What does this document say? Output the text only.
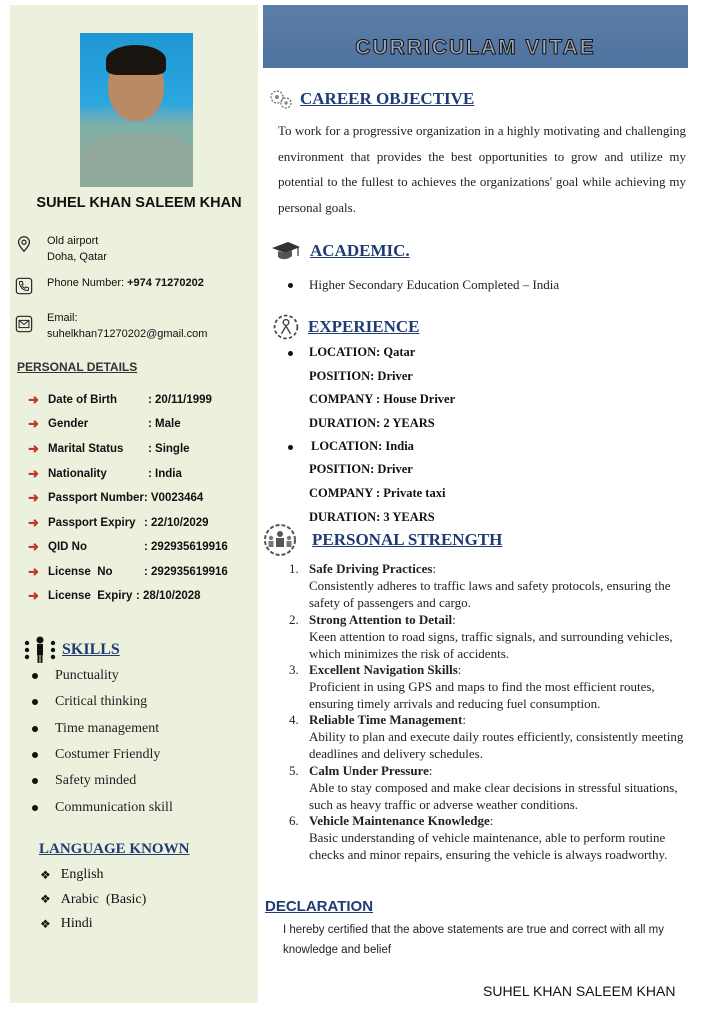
SUHEL KHAN SALEEM KHAN
Old airport
Doha, Qatar
Phone Number: +974 71270202
Email:
suhelkhan71270202@gmail.com
PERSONAL DETAILS
➜ Date of Birth	: 20/11/1999
➜ Gender	: Male
➜ Marital Status	: Single
➜ Nationality	: India
➜ Passport Number:
V0023464
➜ Passport Expiry : 22/10/2029
➜ QID No	: 292935619916
➜ License  No	: 292935619916
➜ License  Expiry : 28/10/2028
SKILLS
Punctuality
Critical thinking
Time management
Costumer Friendly
Safety minded
Communication skill
LANGUAGE KNOWN
❖ English
❖ Arabic  (Basic)
❖ Hindi
CURRICULAM VITAE
CAREER OBJECTIVE
To work for a progressive organization in a highly motivating and challenging environment that provides the best opportunities to grow and utilize my potential to the fullest to achieves the organizations' goal while achieving my personal goals.
ACADEMIC.
Higher Secondary Education Completed – India
EXPERIENCE
LOCATION: Qatar
POSITION: Driver
COMPANY : House Driver
DURATION: 2 YEARS
LOCATION: India
POSITION: Driver
COMPANY : Private taxi
DURATION: 3 YEARS
PERSONAL STRENGTH
1. Safe Driving Practices:
Consistently adheres to traffic laws and safety protocols, ensuring the safety of passengers and cargo.
2. Strong Attention to Detail:
Keen attention to road signs, traffic signals, and surrounding vehicles, which minimizes the risk of accidents.
3. Excellent Navigation Skills:
Proficient in using GPS and maps to find the most efficient routes, ensuring timely arrivals and reducing fuel consumption.
4. Reliable Time Management:
Ability to plan and execute daily routes efficiently, consistently meeting deadlines and delivery schedules.
5. Calm Under Pressure:
Able to stay composed and make clear decisions in stressful situations, such as heavy traffic or adverse weather conditions.
6. Vehicle Maintenance Knowledge:
Basic understanding of vehicle maintenance, able to perform routine checks and minor repairs, ensuring the vehicle is always roadworthy.
DECLARATION
I hereby certified that the above statements are true and correct with all my knowledge and belief
SUHEL KHAN SALEEM KHAN
